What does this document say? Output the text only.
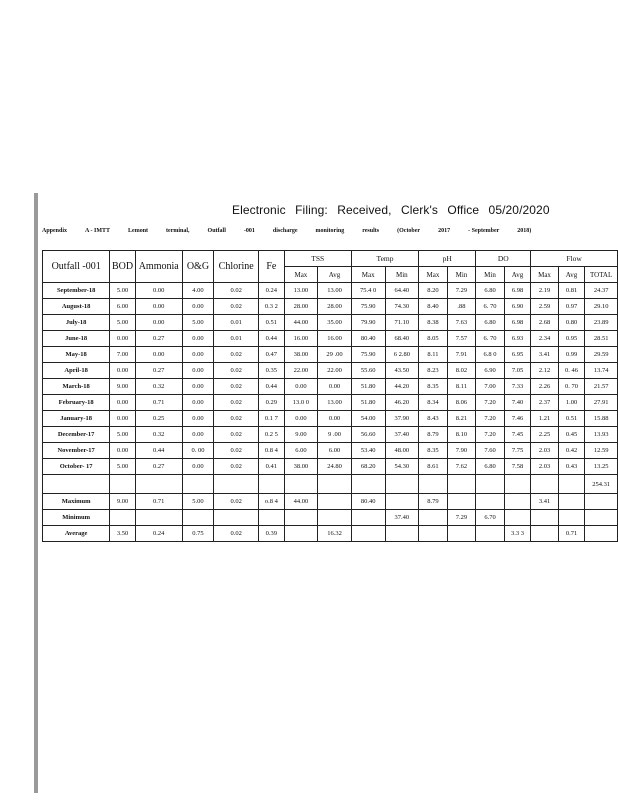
Electronic Filing: Received, Clerk's Office 05/20/2020
Appendix	A - IMTT	Lemont	terminal,	Outfall	-001	discharge	monitoring	results	(October	2017	- September	2018)
Outfall -001	BOD	Ammonia	O&G	Chlorine	Fe	TSS		Temp		pH		DO		Flow		
						Max	Avg	Max	Min	Max	Min	Min	Avg	Max	Avg	TOTAL
September-18	5.00	0.00	4.00	0.02	0.24	13.00	13.00	75.4 0	64.40	8.20	7.29	6.80	6.98	2.19	0.81	24.37
August-18	6.00	0.00	0.00	0.02	0.3 2	28.00	28.00	75.90	74.30	8.40	.88	6. 70	6.90	2.59	0.97	29.10
July-18	5.00	0.00	5.00	0.01	0.51	44.00	35.00	79.90	71.10	8.38	7.63	6.80	6.98	2.68	0.80	23.89
June-18	0.00	0.27	0.00	0.01	0.44	16.00	16.00	80.40	68.40	8.05	7.57	6. 70	6.93	2.34	0.95	28.51
May-18	7.00	0.00	0.00	0.02	0.47	38.00	29 .00	75.90	6 2.80	8.11	7.91	6.8 0	6.95	3.41	0.99	29.59
April-18	0.00	0.27	0.00	0.02	0.35	22.00	22.00	55.60	43.50	8.23	8.02	6.90	7.05	2.12	0. 46	13.74
March-18	9.00	0.32	0.00	0.02	0.44	0.00	0.00	51.80	44.20	8.35	8.11	7.00	7.33	2.26	0. 70	21.57
February-18	0.00	0.71	0.00	0.02	0.29	13.0 0	13.00	51.80	46.20	8.34	8.06	7.20	7.40	2.37	1.00	27.91
January-18	0.00	0.25	0.00	0.02	0.1 7	0.00	0.00	54.00	37.90	8.43	8.21	7.20	7.46	1.21	0.51	15.88
December-17	5.00	0.32	0.00	0.02	0.2 5	9.00	9 .00	56.60	37.40	8.79	8.10	7.20	7.45	2.25	0.45	13.93
November-17	0.00	0.44	0. 00	0.02	0.8 4	6.00	6.00	53.40	48.00	8.35	7.90	7.60	7.75	2.03	0.42	12.59
October- 17	5.00	0.27	0.00	0.02	0.41	38.00	24.80	68.20	54.30	8.61	7.62	6.80	7.58	2.03	0.43	13.25
																254.31
Maximum	9.00	0.71	5.00	0.02	o.8 4	44.00		80.40		8.79				3.41		
Minimum									37.40		7.29	6.70				
Average	3.50	0.24	0.75	0.02	0.39		16.32						3.3 3		0.71	
